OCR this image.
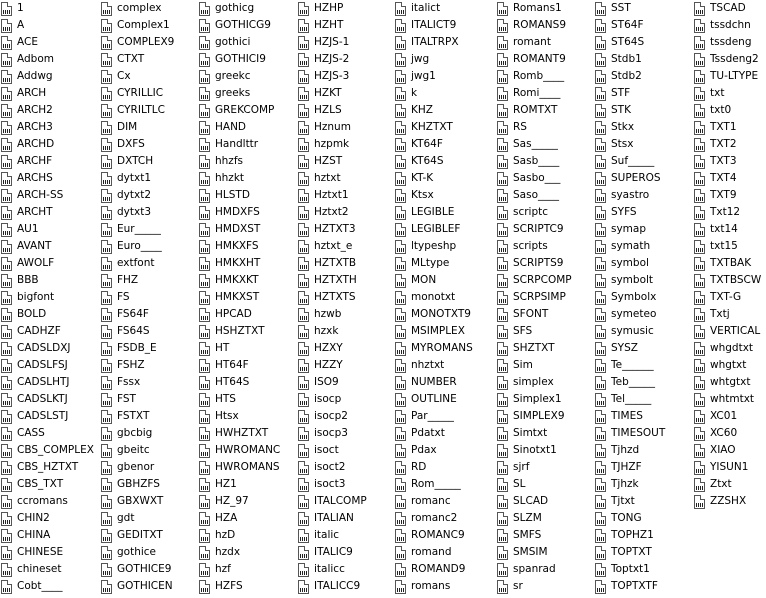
1
A
ACE
Adbom
Addwg
ARCH
ARCH2
ARCH3
ARCHD
ARCHF
ARCHS
ARCH-SS
ARCHT
AU1
AVANT
AWOLF
BBB
bigfont
BOLD
CADHZF
CADSLDXJ
CADSLFSJ
CADSLHTJ
CADSLKTJ
CADSLSTJ
CASS
CBS_COMPLEX
CBS_HZTXT
CBS_TXT
ccromans
CHIN2
CHINA
CHINESE
chineset
Cobt____
complex
Complex1
COMPLEX9
CTXT
Cx
CYRILLIC
CYRILTLC
DIM
DXFS
DXTCH
dytxt1
dytxt2
dytxt3
Eur_____
Euro____
extfont
FHZ
FS
FS64F
FS64S
FSDB_E
FSHZ
Fssx
FST
FSTXT
gbcbig
gbeitc
gbenor
GBHZFS
GBXWXT
gdt
GEDITXT
gothice
GOTHICE9
GOTHICEN
gothicg
GOTHICG9
gothici
GOTHICI9
greekc
greeks
GREKCOMP
HAND
Handlttr
hhzfs
hhzkt
HLSTD
HMDXFS
HMDXST
HMKXFS
HMKXHT
HMKXKT
HMKXST
HPCAD
HSHZTXT
HT
HT64F
HT64S
HTS
Htsx
HWHZTXT
HWROMANC
HWROMANS
HZ1
HZ_97
HZA
hzD
hzdx
hzf
HZFS
HZHP
HZHT
HZJS-1
HZJS-2
HZJS-3
HZKT
HZLS
Hznum
hzpmk
HZST
hztxt
Hztxt1
Hztxt2
HZTXT3
hztxt_e
HZTXTB
HZTXTH
HZTXTS
hzwb
hzxk
HZXY
HZZY
ISO9
isocp
isocp2
isocp3
isoct
isoct2
isoct3
ITALCOMP
ITALIAN
italic
ITALIC9
italicc
ITALICC9
italict
ITALICT9
ITALTRPX
jwg
jwg1
k
KHZ
KHZTXT
KT64F
KT64S
KT-K
Ktsx
LEGIBLE
LEGIBLEF
ltypeshp
MLtype
MON
monotxt
MONOTXT9
MSIMPLEX
MYROMANS
nhztxt
NUMBER
OUTLINE
Par_____
Pdatxt
Pdax
RD
Rom_____
romanc
romanc2
ROMANC9
romand
ROMAND9
romans
Romans1
ROMANS9
romant
ROMANT9
Romb____
Romi____
ROMTXT
RS
Sas_____
Sasb____
Sasbo___
Saso____
scriptc
SCRIPTC9
scripts
SCRIPTS9
SCRPCOMP
SCRPSIMP
SFONT
SFS
SHZTXT
Sim
simplex
Simplex1
SIMPLEX9
Simtxt
Sinotxt1
sjrf
SL
SLCAD
SLZM
SMFS
SMSIM
spanrad
sr
SST
ST64F
ST64S
Stdb1
Stdb2
STF
STK
Stkx
Stsx
Suf_____
SUPEROS
syastro
SYFS
symap
symath
symbol
symbolt
Symbolx
symeteo
symusic
SYSZ
Te______
Teb_____
Tel_____
TIMES
TIMESOUT
Tjhzd
TJHZF
Tjhzk
Tjtxt
TONG
TOPHZ1
TOPTXT
Toptxt1
TOPTXTF
TSCAD
tssdchn
tssdeng
Tssdeng2
TU-LTYPE
txt
txt0
TXT1
TXT2
TXT3
TXT4
TXT9
Txt12
txt14
txt15
TXTBAK
TXTBSCW
TXT-G
Txtj
VERTICAL
whgdtxt
whgtxt
whtgtxt
whtmtxt
XC01
XC60
XIAO
YISUN1
Ztxt
ZZSHX
